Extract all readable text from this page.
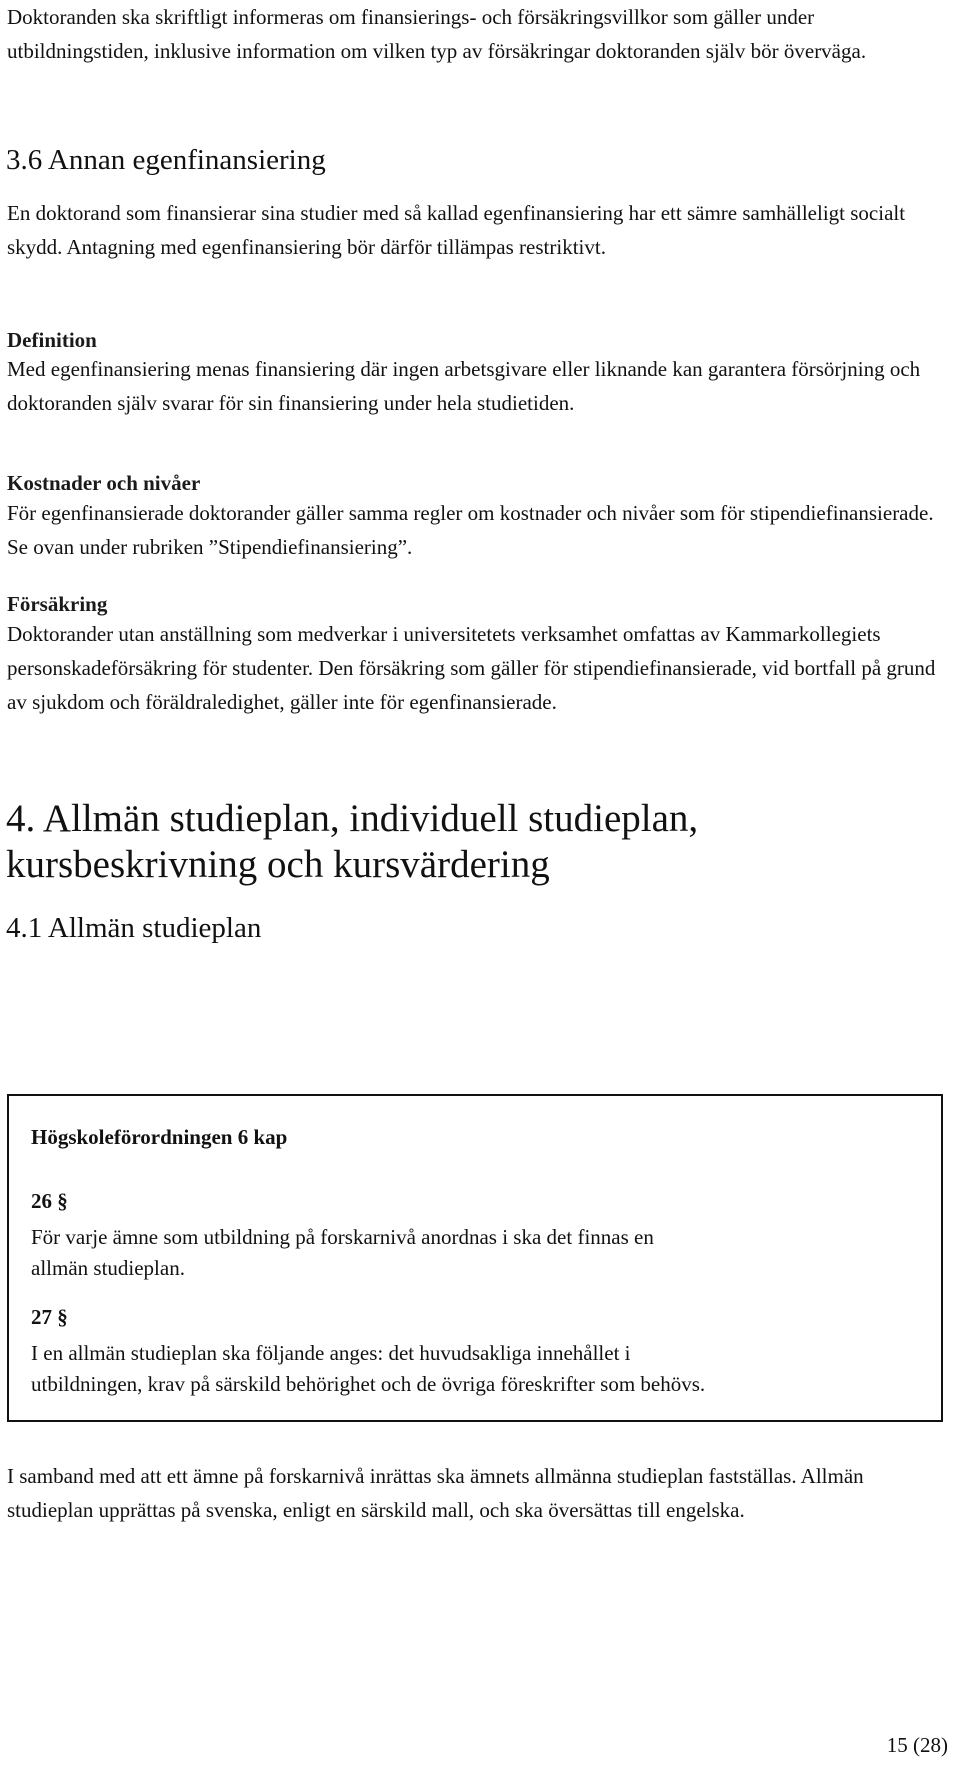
Doktoranden ska skriftligt informeras om finansierings- och försäkringsvillkor som gäller under utbildningstiden, inklusive information om vilken typ av försäkringar doktoranden själv bör överväga.

3.6 Annan egenfinansiering

En doktorand som finansierar sina studier med så kallad egenfinansiering har ett sämre samhälleligt socialt skydd. Antagning med egenfinansiering bör därför tillämpas restriktivt.

Definition

Med egenfinansiering menas finansiering där ingen arbetsgivare eller liknande kan garantera försörjning och doktoranden själv svarar för sin finansiering under hela studietiden.

Kostnader och nivåer

För egenfinansierade doktorander gäller samma regler om kostnader och nivåer som för stipendiefinansierade. Se ovan under rubriken ”Stipendiefinansiering”.

Försäkring

Doktorander utan anställning som medverkar i universitetets verksamhet omfattas av Kammarkollegiets personskadeförsäkring för studenter. Den försäkring som gäller för stipendiefinansierade, vid bortfall på grund av sjukdom och föräldraledighet, gäller inte för egenfinansierade.

4. Allmän studieplan, individuell studieplan,
kursbeskrivning och kursvärdering
4.1 Allmän studieplan

Högskoleförordningen 6 kap

26 §

För varje ämne som utbildning på forskarnivå anordnas i ska det finnas en

allmän studieplan.

27 §

I en allmän studieplan ska följande anges: det huvudsakliga innehållet i

utbildningen, krav på särskild behörighet och de övriga föreskrifter som behövs.

I samband med att ett ämne på forskarnivå inrättas ska ämnets allmänna studieplan fastställas. Allmän studieplan upprättas på svenska, enligt en särskild mall, och ska översättas till engelska.

15 (28)
